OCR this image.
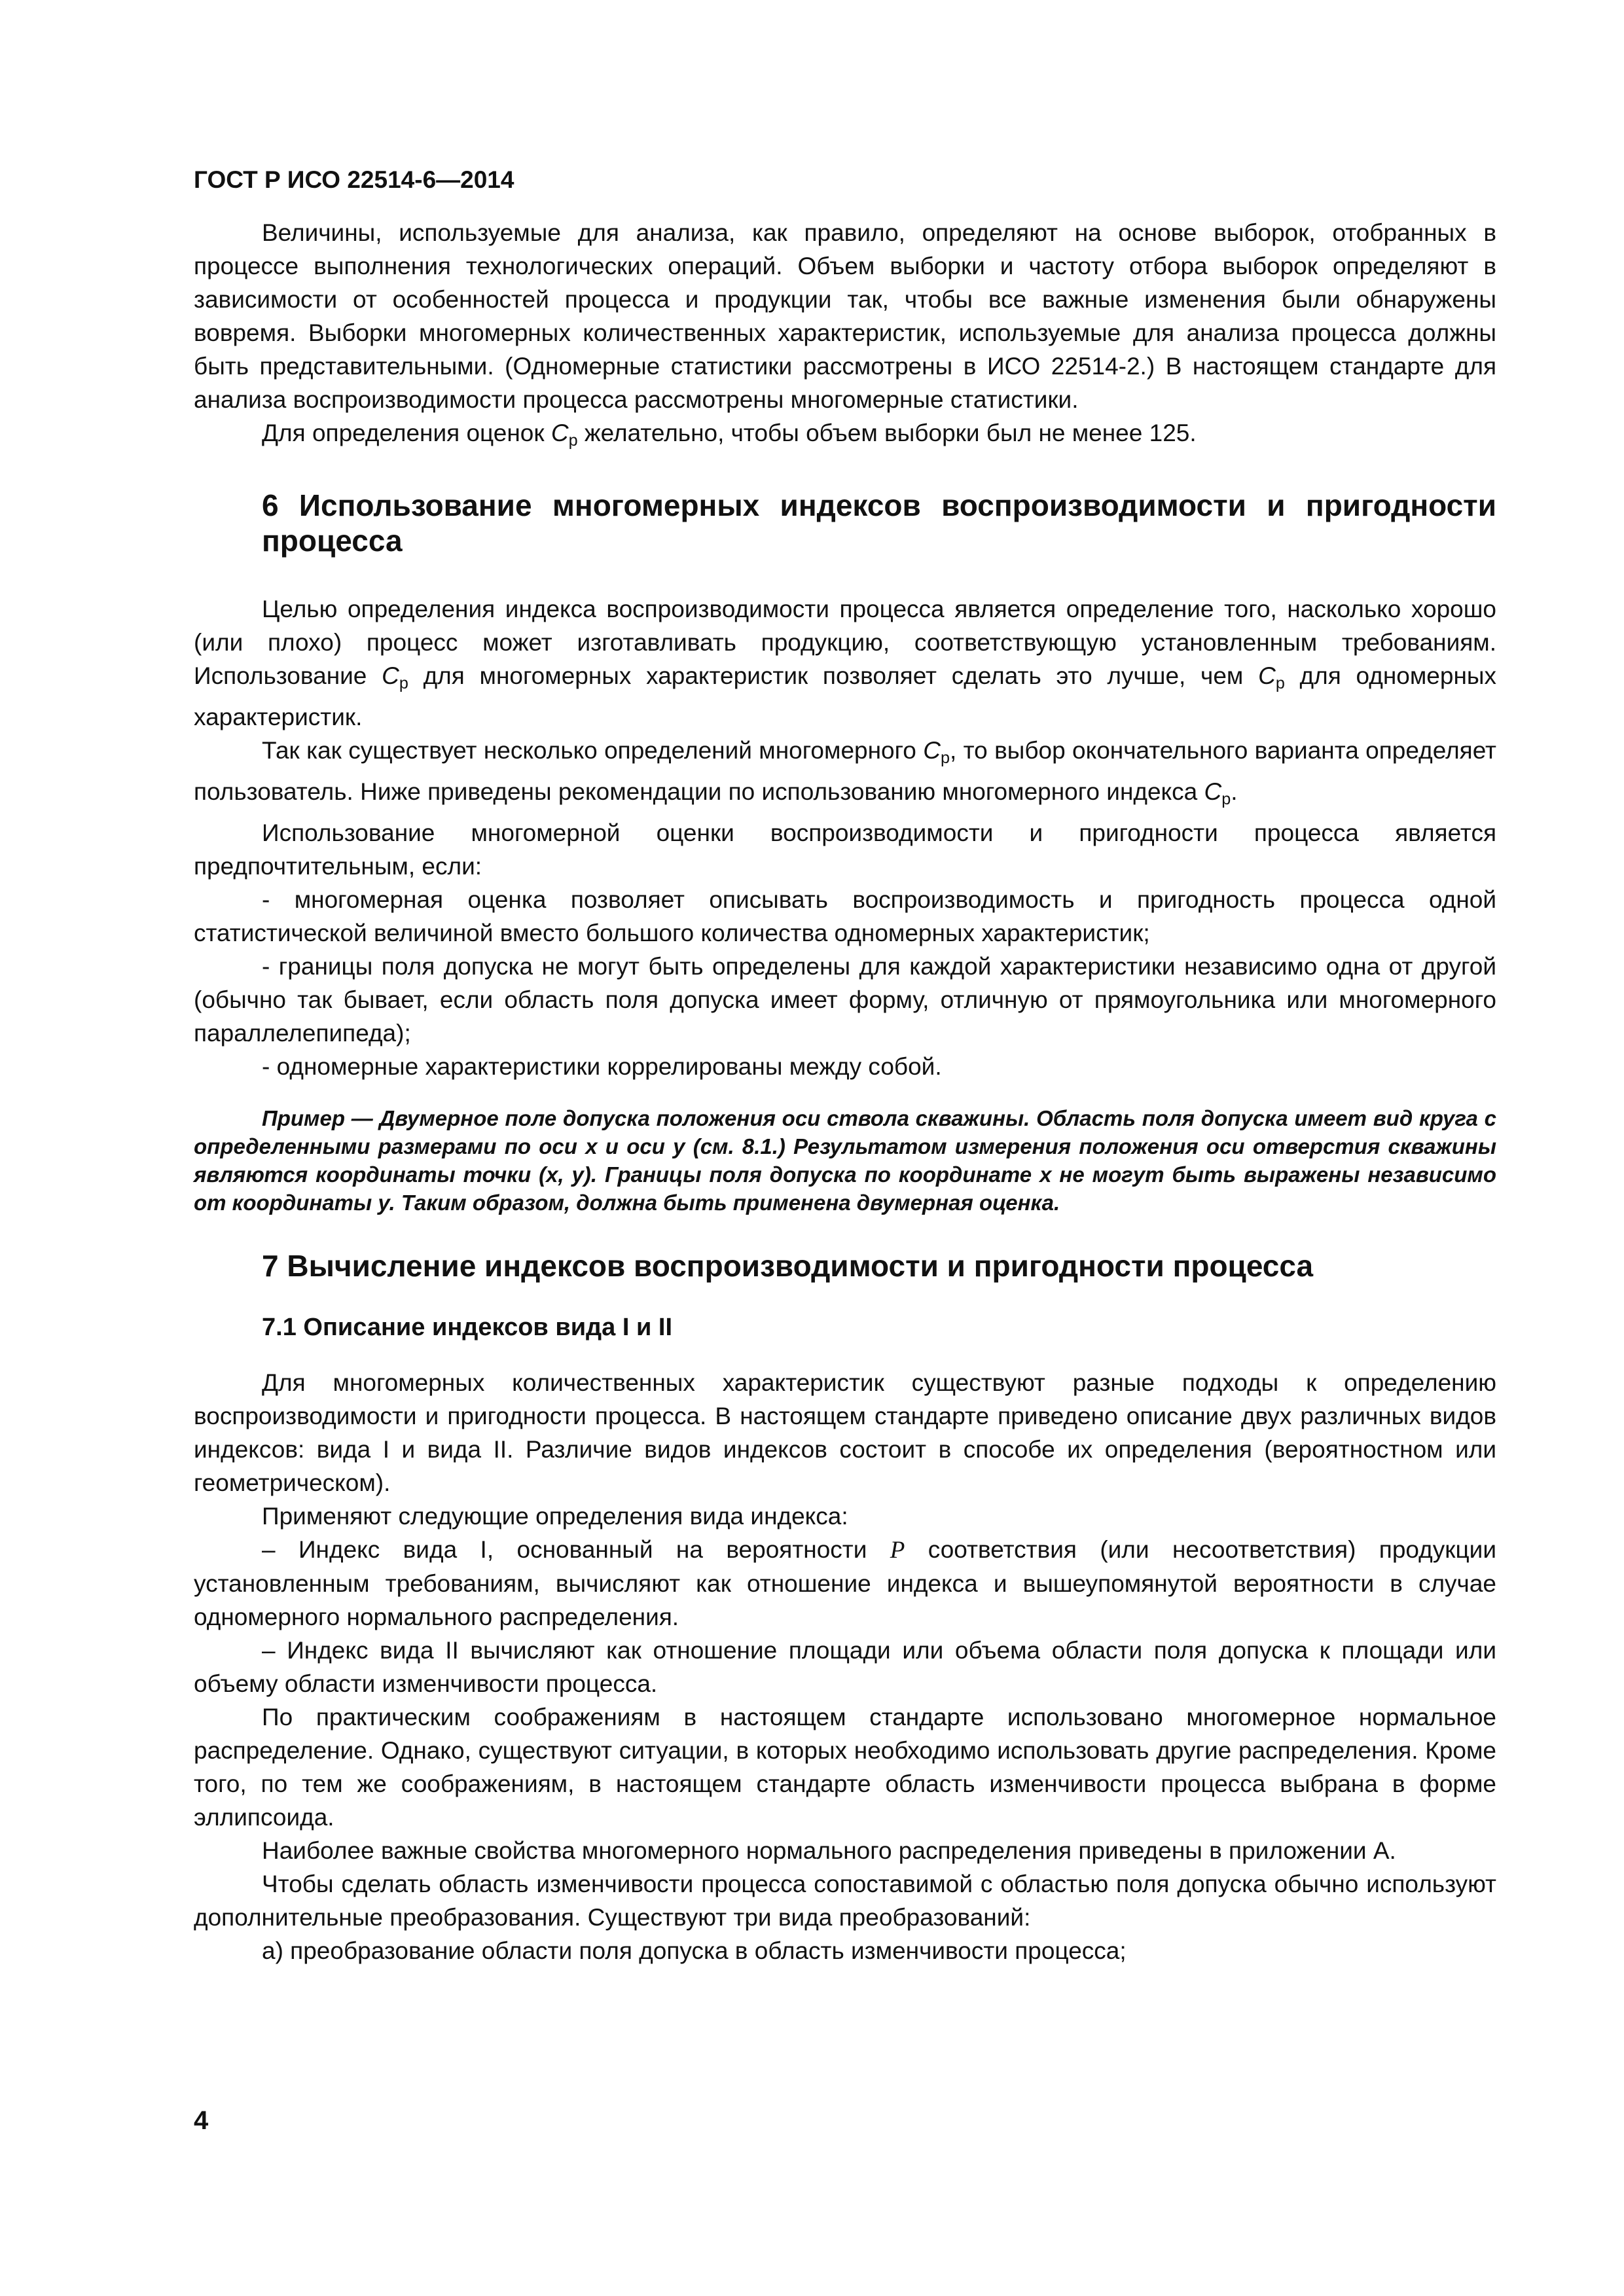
ГОСТ Р ИСО 22514-6—2014

Величины, используемые для анализа, как правило, определяют на основе выборок, отобранных в процессе выполнения технологических операций. Объем выборки и частоту отбора выборок определяют в зависимости от особенностей процесса и продукции так, чтобы все важные изменения были обнаружены вовремя. Выборки многомерных количественных характеристик, используемые для анализа процесса должны быть представительными. (Одномерные статистики рассмотрены в ИСО 22514-2.) В настоящем стандарте для анализа воспроизводимости процесса рассмотрены многомерные статистики.

Для определения оценок $C_p$ желательно, чтобы объем выборки был не менее 125.

6 Использование многомерных индексов воспроизводимости и пригодности процесса

Целью определения индекса воспроизводимости процесса является определение того, насколько хорошо (или плохо) процесс может изготавливать продукцию, соответствующую установленным требованиям. Использование $C_p$ для многомерных характеристик позволяет сделать это лучше, чем $C_p$ для одномерных характеристик.

Так как существует несколько определений многомерного $C_p$, то выбор окончательного варианта определяет пользователь. Ниже приведены рекомендации по использованию многомерного индекса $C_p$.

Использование многомерной оценки воспроизводимости и пригодности процесса является предпочтительным, если:

- многомерная оценка позволяет описывать воспроизводимость и пригодность процесса одной статистической величиной вместо большого количества одномерных характеристик;

- границы поля допуска не могут быть определены для каждой характеристики независимо одна от другой (обычно так бывает, если область поля допуска имеет форму, отличную от прямоугольника или многомерного параллелепипеда);

- одномерные характеристики коррелированы между собой.

Пример — Двумерное поле допуска положения оси ствола скважины. Область поля допуска имеет вид круга с определенными размерами по оси x и оси y (см. 8.1.) Результатом измерения положения оси отверстия скважины являются координаты точки (x, y). Границы поля допуска по координате x не могут быть выражены независимо от координаты y. Таким образом, должна быть применена двумерная оценка.
7 Вычисление индексов воспроизводимости и пригодности процесса
7.1 Описание индексов вида I и II

Для многомерных количественных характеристик существуют разные подходы к определению воспроизводимости и пригодности процесса. В настоящем стандарте приведено описание двух различных видов индексов: вида I и вида II. Различие видов индексов состоит в способе их определения (вероятностном или геометрическом).

Применяют следующие определения вида индекса:

– Индекс вида I, основанный на вероятности P соответствия (или несоответствия) продукции установленным требованиям, вычисляют как отношение индекса и вышеупомянутой вероятности в случае одномерного нормального распределения.

– Индекс вида II вычисляют как отношение площади или объема области поля допуска к площади или объему области изменчивости процесса.

По практическим соображениям в настоящем стандарте использовано многомерное нормальное распределение. Однако, существуют ситуации, в которых необходимо использовать другие распределения. Кроме того, по тем же соображениям, в настоящем стандарте область изменчивости процесса выбрана в форме эллипсоида.

Наиболее важные свойства многомерного нормального распределения приведены в приложении А.

Чтобы сделать область изменчивости процесса сопоставимой с областью поля допуска обычно используют дополнительные преобразования. Существуют три вида преобразований:

а) преобразование области поля допуска в область изменчивости процесса;
4
